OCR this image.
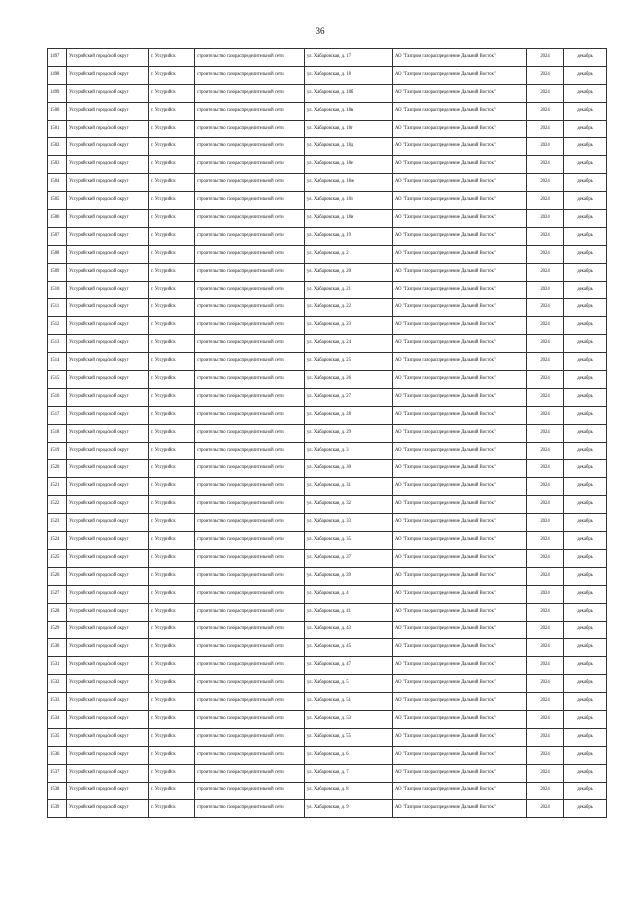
36
1497	Уссурийский городской округ	г. Уссурийск	строительство газораспределительной сети	ул. Хабаровская, д. 17	АО "Газпром газораспределение Дальний Восток"	2024	декабрь
1498	Уссурийский городской округ	г. Уссурийск	строительство газораспределительной сети	ул. Хабаровская, д. 18	АО "Газпром газораспределение Дальний Восток"	2024	декабрь
1499	Уссурийский городской округ	г. Уссурийск	строительство газораспределительной сети	ул. Хабаровская, д. 18б	АО "Газпром газораспределение Дальний Восток"	2024	декабрь
1500	Уссурийский городской округ	г. Уссурийск	строительство газораспределительной сети	ул. Хабаровская, д. 18в	АО "Газпром газораспределение Дальний Восток"	2024	декабрь
1501	Уссурийский городской округ	г. Уссурийск	строительство газораспределительной сети	ул. Хабаровская, д. 18г	АО "Газпром газораспределение Дальний Восток"	2024	декабрь
1502	Уссурийский городской округ	г. Уссурийск	строительство газораспределительной сети	ул. Хабаровская, д. 18д	АО "Газпром газораспределение Дальний Восток"	2024	декабрь
1503	Уссурийский городской округ	г. Уссурийск	строительство газораспределительной сети	ул. Хабаровская, д. 18е	АО "Газпром газораспределение Дальний Восток"	2024	декабрь
1504	Уссурийский городской округ	г. Уссурийск	строительство газораспределительной сети	ул. Хабаровская, д. 18ж	АО "Газпром газораспределение Дальний Восток"	2024	декабрь
1505	Уссурийский городской округ	г. Уссурийск	строительство газораспределительной сети	ул. Хабаровская, д. 18з	АО "Газпром газораспределение Дальний Восток"	2024	декабрь
1506	Уссурийский городской округ	г. Уссурийск	строительство газораспределительной сети	ул. Хабаровская, д. 18и	АО "Газпром газораспределение Дальний Восток"	2024	декабрь
1507	Уссурийский городской округ	г. Уссурийск	строительство газораспределительной сети	ул. Хабаровская, д. 19	АО "Газпром газораспределение Дальний Восток"	2024	декабрь
1508	Уссурийский городской округ	г. Уссурийск	строительство газораспределительной сети	ул. Хабаровская, д. 2	АО "Газпром газораспределение Дальний Восток"	2024	декабрь
1509	Уссурийский городской округ	г. Уссурийск	строительство газораспределительной сети	ул. Хабаровская, д. 20	АО "Газпром газораспределение Дальний Восток"	2024	декабрь
1510	Уссурийский городской округ	г. Уссурийск	строительство газораспределительной сети	ул. Хабаровская, д. 21	АО "Газпром газораспределение Дальний Восток"	2024	декабрь
1511	Уссурийский городской округ	г. Уссурийск	строительство газораспределительной сети	ул. Хабаровская, д. 22	АО "Газпром газораспределение Дальний Восток"	2024	декабрь
1512	Уссурийский городской округ	г. Уссурийск	строительство газораспределительной сети	ул. Хабаровская, д. 23	АО "Газпром газораспределение Дальний Восток"	2024	декабрь
1513	Уссурийский городской округ	г. Уссурийск	строительство газораспределительной сети	ул. Хабаровская, д. 24	АО "Газпром газораспределение Дальний Восток"	2024	декабрь
1514	Уссурийский городской округ	г. Уссурийск	строительство газораспределительной сети	ул. Хабаровская, д. 25	АО "Газпром газораспределение Дальний Восток"	2024	декабрь
1515	Уссурийский городской округ	г. Уссурийск	строительство газораспределительной сети	ул. Хабаровская, д. 26	АО "Газпром газораспределение Дальний Восток"	2024	декабрь
1516	Уссурийский городской округ	г. Уссурийск	строительство газораспределительной сети	ул. Хабаровская, д. 27	АО "Газпром газораспределение Дальний Восток"	2024	декабрь
1517	Уссурийский городской округ	г. Уссурийск	строительство газораспределительной сети	ул. Хабаровская, д. 28	АО "Газпром газораспределение Дальний Восток"	2024	декабрь
1518	Уссурийский городской округ	г. Уссурийск	строительство газораспределительной сети	ул. Хабаровская, д. 29	АО "Газпром газораспределение Дальний Восток"	2024	декабрь
1519	Уссурийский городской округ	г. Уссурийск	строительство газораспределительной сети	ул. Хабаровская, д. 3	АО "Газпром газораспределение Дальний Восток"	2024	декабрь
1520	Уссурийский городской округ	г. Уссурийск	строительство газораспределительной сети	ул. Хабаровская, д. 30	АО "Газпром газораспределение Дальний Восток"	2024	декабрь
1521	Уссурийский городской округ	г. Уссурийск	строительство газораспределительной сети	ул. Хабаровская, д. 31	АО "Газпром газораспределение Дальний Восток"	2024	декабрь
1522	Уссурийский городской округ	г. Уссурийск	строительство газораспределительной сети	ул. Хабаровская, д. 32	АО "Газпром газораспределение Дальний Восток"	2024	декабрь
1523	Уссурийский городской округ	г. Уссурийск	строительство газораспределительной сети	ул. Хабаровская, д. 33	АО "Газпром газораспределение Дальний Восток"	2024	декабрь
1524	Уссурийский городской округ	г. Уссурийск	строительство газораспределительной сети	ул. Хабаровская, д. 35	АО "Газпром газораспределение Дальний Восток"	2024	декабрь
1525	Уссурийский городской округ	г. Уссурийск	строительство газораспределительной сети	ул. Хабаровская, д. 37	АО "Газпром газораспределение Дальний Восток"	2024	декабрь
1526	Уссурийский городской округ	г. Уссурийск	строительство газораспределительной сети	ул. Хабаровская, д. 39	АО "Газпром газораспределение Дальний Восток"	2024	декабрь
1527	Уссурийский городской округ	г. Уссурийск	строительство газораспределительной сети	ул. Хабаровская, д. 4	АО "Газпром газораспределение Дальний Восток"	2024	декабрь
1528	Уссурийский городской округ	г. Уссурийск	строительство газораспределительной сети	ул. Хабаровская, д. 41	АО "Газпром газораспределение Дальний Восток"	2024	декабрь
1529	Уссурийский городской округ	г. Уссурийск	строительство газораспределительной сети	ул. Хабаровская, д. 43	АО "Газпром газораспределение Дальний Восток"	2024	декабрь
1530	Уссурийский городской округ	г. Уссурийск	строительство газораспределительной сети	ул. Хабаровская, д. 45	АО "Газпром газораспределение Дальний Восток"	2024	декабрь
1531	Уссурийский городской округ	г. Уссурийск	строительство газораспределительной сети	ул. Хабаровская, д. 47	АО "Газпром газораспределение Дальний Восток"	2024	декабрь
1532	Уссурийский городской округ	г. Уссурийск	строительство газораспределительной сети	ул. Хабаровская, д. 5	АО "Газпром газораспределение Дальний Восток"	2024	декабрь
1533	Уссурийский городской округ	г. Уссурийск	строительство газораспределительной сети	ул. Хабаровская, д. 51	АО "Газпром газораспределение Дальний Восток"	2024	декабрь
1534	Уссурийский городской округ	г. Уссурийск	строительство газораспределительной сети	ул. Хабаровская, д. 53	АО "Газпром газораспределение Дальний Восток"	2024	декабрь
1535	Уссурийский городской округ	г. Уссурийск	строительство газораспределительной сети	ул. Хабаровская, д. 55	АО "Газпром газораспределение Дальний Восток"	2024	декабрь
1536	Уссурийский городской округ	г. Уссурийск	строительство газораспределительной сети	ул. Хабаровская, д. 6	АО "Газпром газораспределение Дальний Восток"	2024	декабрь
1537	Уссурийский городской округ	г. Уссурийск	строительство газораспределительной сети	ул. Хабаровская, д. 7	АО "Газпром газораспределение Дальний Восток"	2024	декабрь
1538	Уссурийский городской округ	г. Уссурийск	строительство газораспределительной сети	ул. Хабаровская, д. 8	АО "Газпром газораспределение Дальний Восток"	2024	декабрь
1539	Уссурийский городской округ	г. Уссурийск	строительство газораспределительной сети	ул. Хабаровская, д. 9	АО "Газпром газораспределение Дальний Восток"	2024	декабрь
